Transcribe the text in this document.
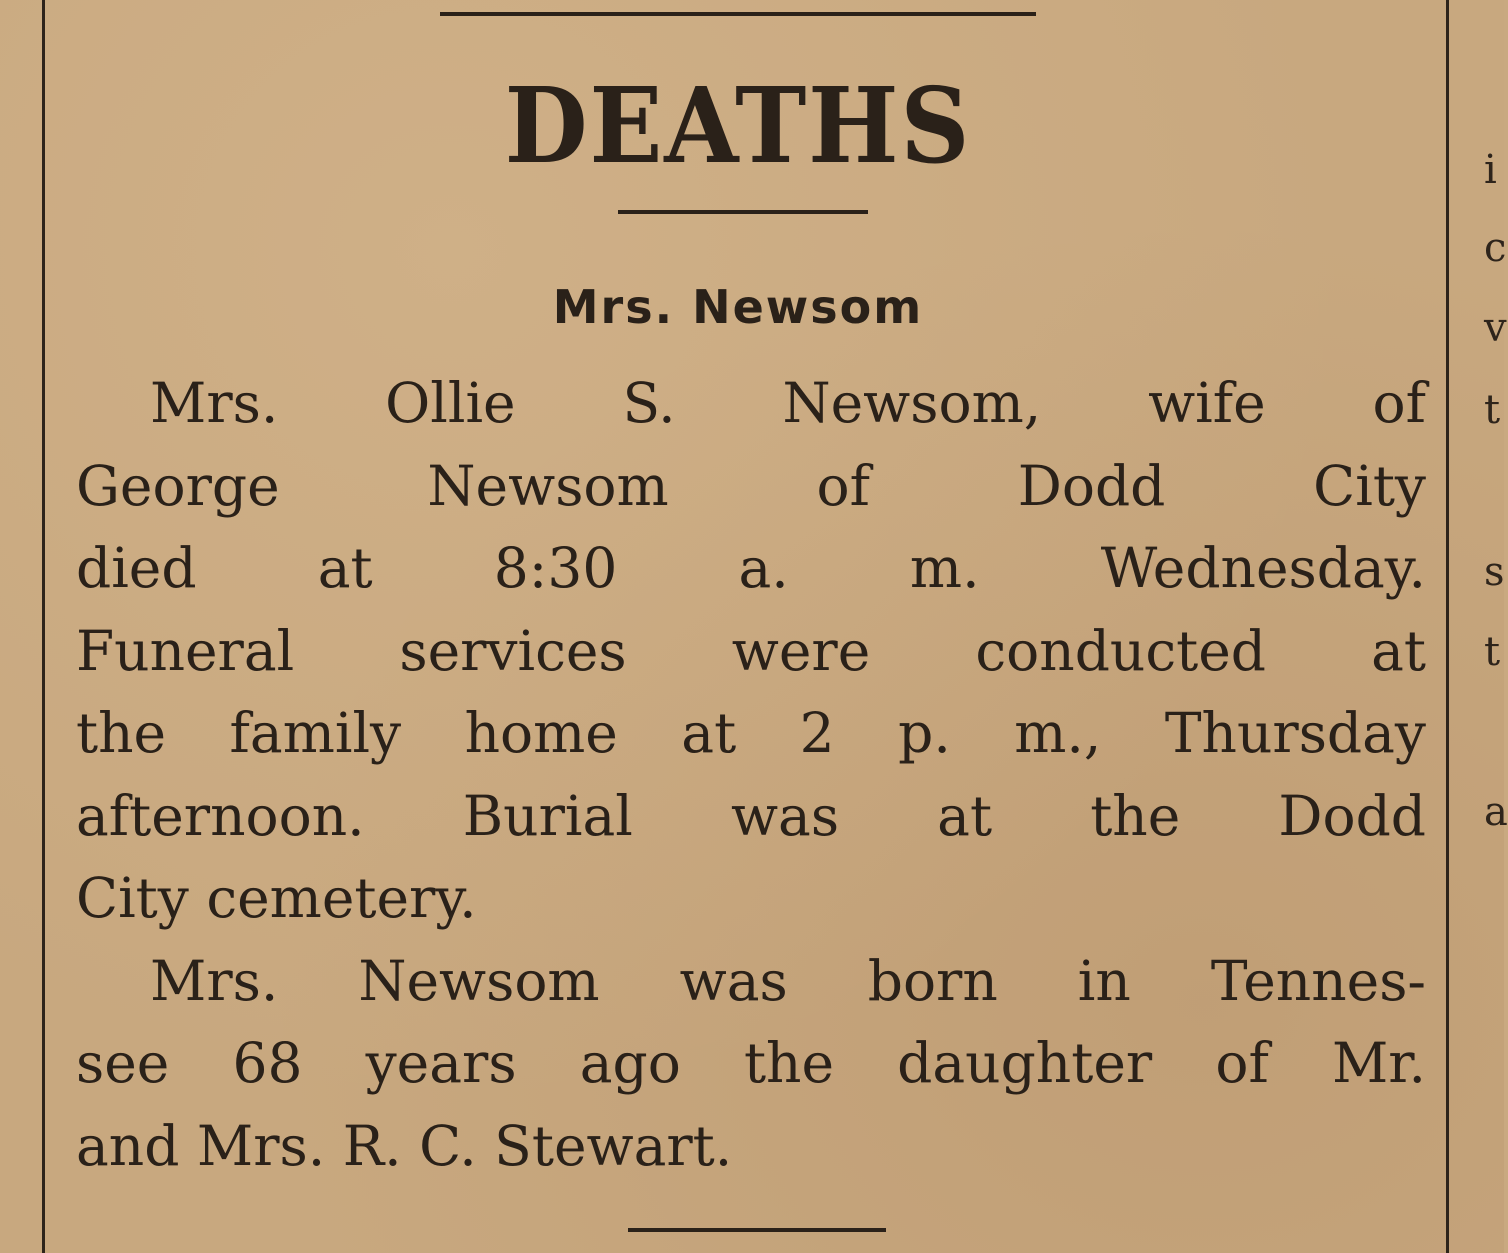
DEATHS
Mrs. Newsom
Mrs. Ollie S. Newsom, wife of
George Newsom of Dodd City
died at 8:30 a. m. Wednesday.
Funeral services were conducted at
the family home at 2 p. m., Thursday
afternoon. Burial was at the Dodd
City cemetery.
Mrs. Newsom was born in Tennes-
see 68 years ago the daughter of Mr.
and Mrs. R. C. Stewart.
i
c
v
t
s
t
a
